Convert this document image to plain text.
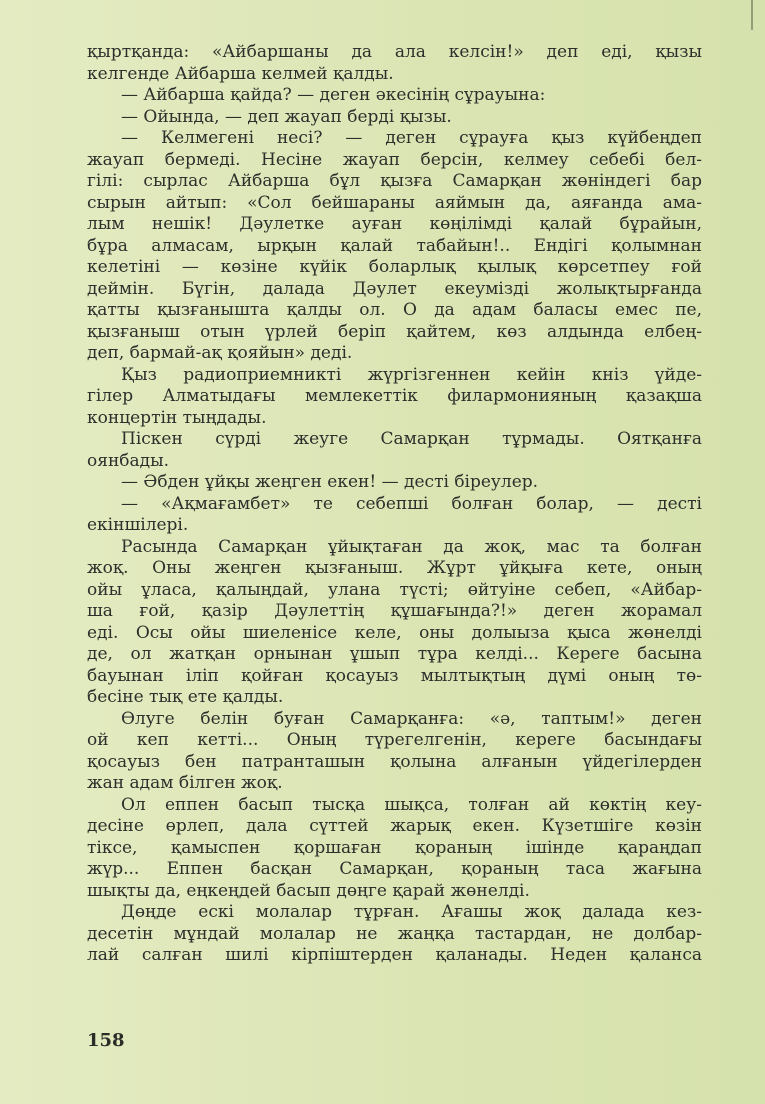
қыртқанда: «Айбаршаны да ала келсін!» деп еді, қызы

келгенде Айбарша келмей қалды.

— Айбарша қайда? — деген әкесінің сұрауына:

— Ойында, — деп жауап берді қызы.

— Келмегені несі? — деген сұрауға қыз күйбеңдеп

жауап бермеді. Несіне жауап берсін, келмеу себебі бел-

гілі: сырлас Айбарша бұл қызға Самарқан жөніндегі бар

сырын айтып: «Сол бейшараны аяймын да, аяғанда ама-

лым нешік! Дәулетке ауған көңілімді қалай бұрайын,

бұра алмасам, ырқын қалай табайын!.. Ендігі қолымнан

келетіні — көзіне күйік боларлық қылық көрсетпеу ғой

деймін. Бүгін, далада Дәулет екеумізді жолықтырғанда

қатты қызғанышта қалды ол. О да адам баласы емес пе,

қызғаныш отын үрлей беріп қайтем, көз алдында елбең-

деп, бармай-ақ қояйын» деді.

Қыз радиоприемникті жүргізгеннен кейін кніз үйде-

гілер Алматыдағы мемлекеттік филармонияның қазақша

концертін тыңдады.

Піскен сүрді жеуге Самарқан тұрмады. Оятқанға

оянбады.

— Әбден ұйқы жеңген екен! — десті біреулер.

— «Ақмағамбет» те себепші болған болар, — десті

екіншілері.

Расында Самарқан ұйықтаған да жоқ, мас та болған

жоқ. Оны жеңген қызғаныш. Жұрт ұйқыға кете, оның

ойы ұласа, қалыңдай, улана түсті; өйтуіне себеп, «Айбар-

ша ғой, қазір Дәулеттің құшағында?!» деген жорамал

еді. Осы ойы шиеленісе келе, оны долыыза қыса жөнелді

де, ол жатқан орнынан ұшып тұра келді... Кереге басына

бауынан іліп қойған қосауыз мылтықтың дүмі оның тө-

бесіне тық ете қалды.

Өлуге белін буған Самарқанға: «ә, таптым!» деген

ой кеп кетті... Оның түрегелгенін, кереге басындағы

қосауыз бен патранташын қолына алғанын үйдегілерден

жан адам білген жоқ.

Ол еппен басып тысқа шықса, толған ай көктің кеу-

десіне өрлеп, дала сүттей жарық екен. Күзетшіге көзін

тіксе, қамыспен қоршаған қораның ішінде қараңдап

жүр... Еппен басқан Самарқан, қораның таса жағына

шықты да, еңкеңдей басып дөңге қарай жөнелді.

Дөңде ескі молалар тұрған. Ағашы жоқ далада кез-

десетін мұндай молалар не жаңқа тастардан, не долбар-

лай салған шилі кірпіштерден қаланады. Неден қаланса

158
